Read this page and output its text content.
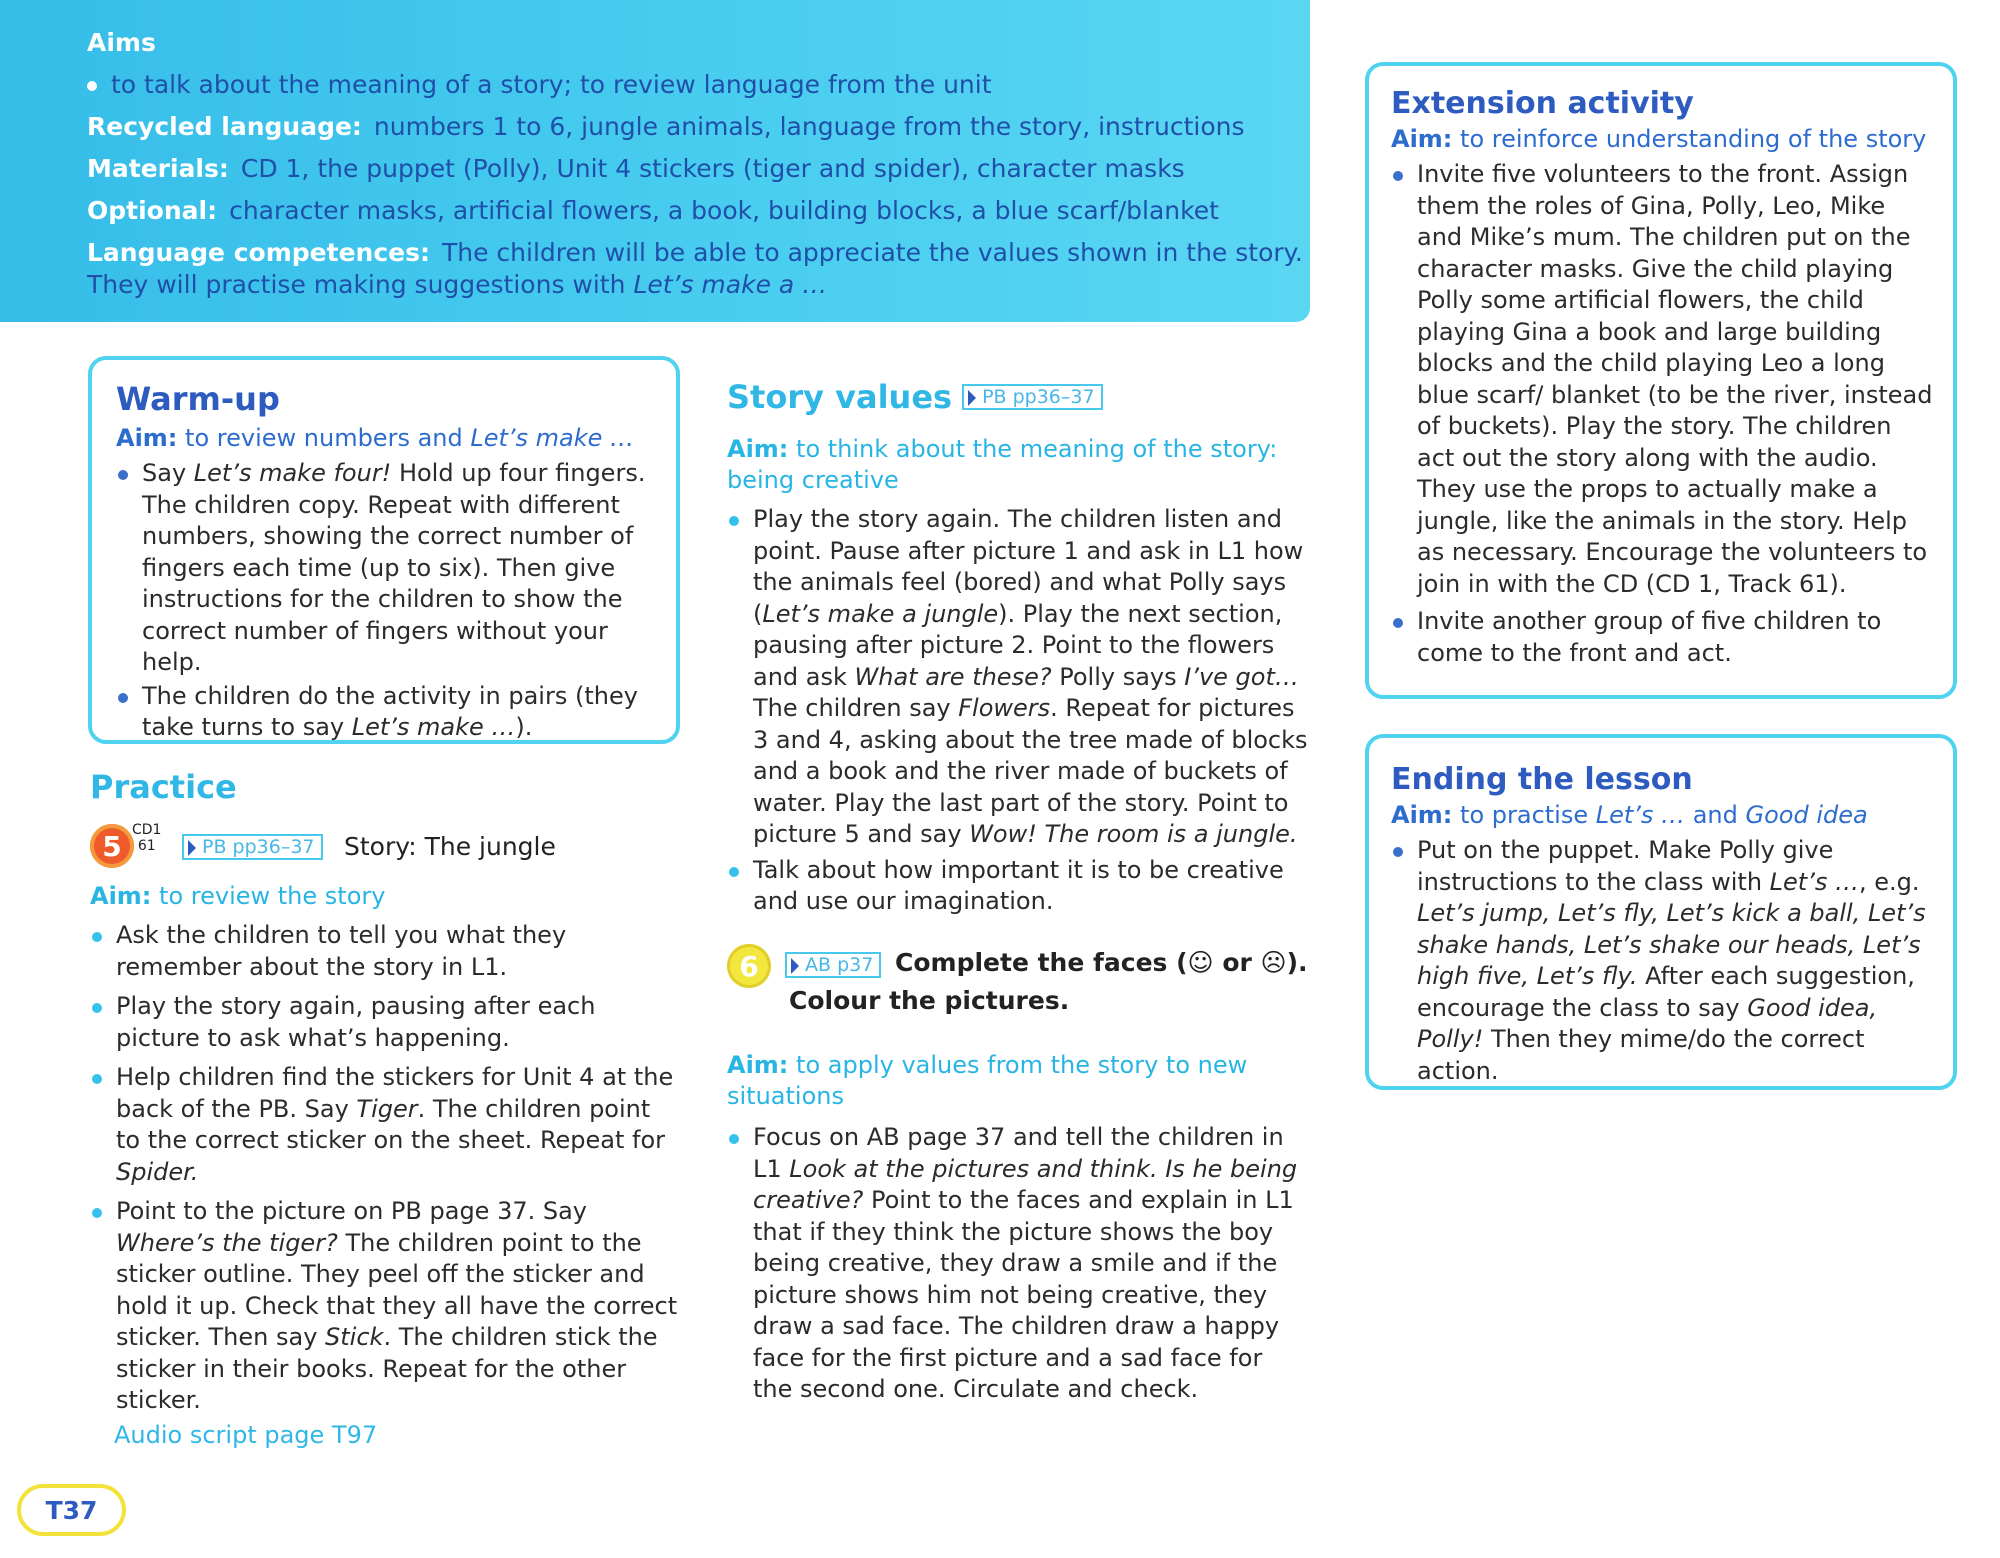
Aims
to talk about the meaning of a story; to review language from the unit
Recycled language: numbers 1 to 6, jungle animals, language from the story, instructions
Materials: CD 1, the puppet (Polly), Unit 4 stickers (tiger and spider), character masks
Optional: character masks, artificial flowers, a book, building blocks, a blue scarf/blanket
Language competences: The children will be able to appreciate the values shown in the story.
They will practise making suggestions with Let’s make a …
Warm-up
Aim: to review numbers and Let’s make …
Say Let’s make four! Hold up four fingers. The children copy. Repeat with different numbers, showing the correct number of fingers each time (up to six). Then give instructions for the children to show the correct number of fingers without your help.
The children do the activity in pairs (they take turns to say Let’s make …).
Practice
5 CD1
61	PB pp36–37	Story: The jungle
Aim: to review the story
Ask the children to tell you what they remember about the story in L1.
Play the story again, pausing after each picture to ask what’s happening.
Help children find the stickers for Unit 4 at the back of the PB. Say Tiger. The children point to the correct sticker on the sheet. Repeat for Spider.
Point to the picture on PB page 37. Say Where’s the tiger? The children point to the sticker outline. They peel off the sticker and hold it up. Check that they all have the correct sticker. Then say Stick. The children stick the sticker in their books. Repeat for the other sticker.
Audio script page T97
Story values	PB pp36–37
Aim: to think about the meaning of the story: being creative
Play the story again. The children listen and point. Pause after picture 1 and ask in L1 how the animals feel (bored) and what Polly says (Let’s make a jungle). Play the next section, pausing after picture 2. Point to the flowers and ask What are these? Polly says I’ve got… The children say Flowers. Repeat for pictures 3 and 4, asking about the tree made of blocks and a book and the river made of buckets of water. Play the last part of the story. Point to picture 5 and say Wow! The room is a jungle.
Talk about how important it is to be creative and use our imagination.
6	AB p37 Complete the faces (☺ or ☹).
Colour the pictures.
Aim: to apply values from the story to new situations
Focus on AB page 37 and tell the children in L1 Look at the pictures and think. Is he being creative? Point to the faces and explain in L1 that if they think the picture shows the boy being creative, they draw a smile and if the picture shows him not being creative, they draw a sad face. The children draw a happy face for the first picture and a sad face for the second one. Circulate and check.
Extension activity
Aim: to reinforce understanding of the story
Invite five volunteers to the front. Assign them the roles of Gina, Polly, Leo, Mike and Mike’s mum. The children put on the character masks. Give the child playing Polly some artificial flowers, the child playing Gina a book and large building blocks and the child playing Leo a long blue scarf/ blanket (to be the river, instead of buckets). Play the story. The children act out the story along with the audio. They use the props to actually make a jungle, like the animals in the story. Help as necessary. Encourage the volunteers to join in with the CD (CD 1, Track 61).
Invite another group of five children to come to the front and act.
Ending the lesson
Aim: to practise Let’s … and Good idea
Put on the puppet. Make Polly give instructions to the class with Let’s …, e.g. Let’s jump, Let’s fly, Let’s kick a ball, Let’s shake hands, Let’s shake our heads, Let’s high five, Let’s fly. After each suggestion, encourage the class to say Good idea, Polly! Then they mime/do the correct action.
T37
